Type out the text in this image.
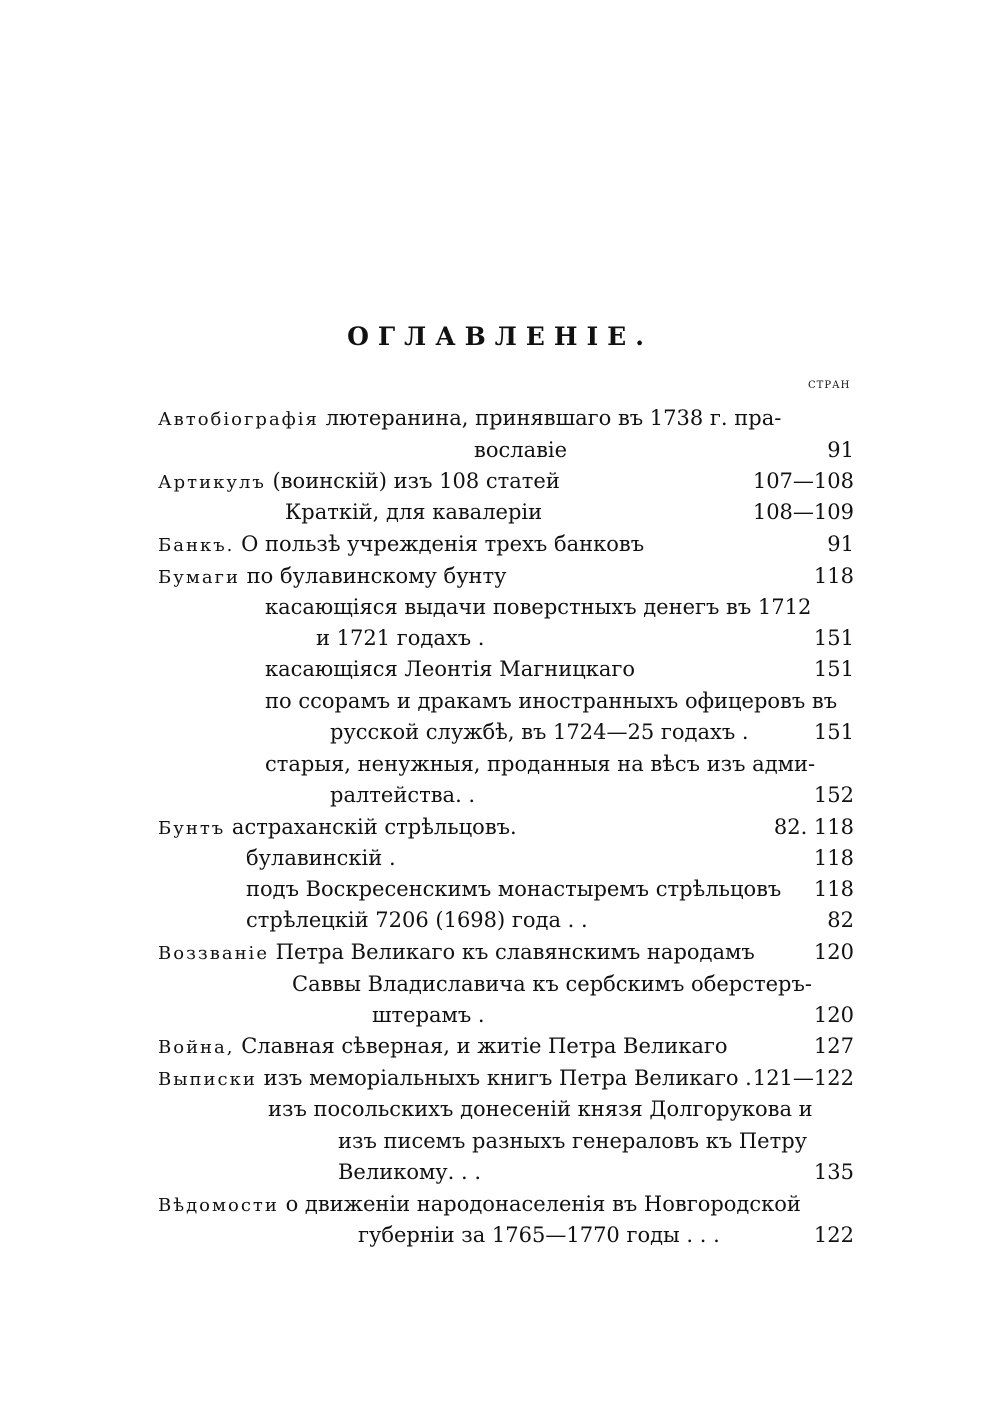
ОГЛАВЛЕНІЕ.
СТРАН
Автобіографія лютеранина, принявшаго въ 1738 г. пра-
вославіе	91
Артикулъ (воинскій) изъ 108 статей	107—108
Краткій, для кавалеріи	108—109
Банкъ. О пользѣ учрежденія трехъ банковъ	91
Бумаги по булавинскому бунту	118
касающіяся выдачи поверстныхъ денегъ въ 1712
и 1721 годахъ .	151
касающіяся Леонтія Магницкаго	151
по ссорамъ и дракамъ иностранныхъ офицеровъ въ
русской службѣ, въ 1724—25 годахъ .	151
старыя, ненужныя, проданныя на вѣсъ изъ адми-
ралтейства. .	152
Бунтъ астраханскій стрѣльцовъ.	82. 118
булавинскій .	118
подъ Воскресенскимъ монастыремъ стрѣльцовъ 118
стрѣлецкій 7206 (1698) года . .	82
Воззваніе Петра Великаго къ славянскимъ народамъ	120
Саввы Владиславича къ сербскимъ оберстеръ-
штерамъ .	120
Война, Славная сѣверная, и житіе Петра Великаго	127
Выписки изъ меморіальныхъ книгъ Петра Великаго . 121—122
изъ посольскихъ донесеній князя Долгорукова и
изъ писемъ разныхъ генераловъ къ Петру
Великому. . .	135
Вѣдомости о движеніи народонаселенія въ Новгородской
губерніи за 1765—1770 годы . . .	122
